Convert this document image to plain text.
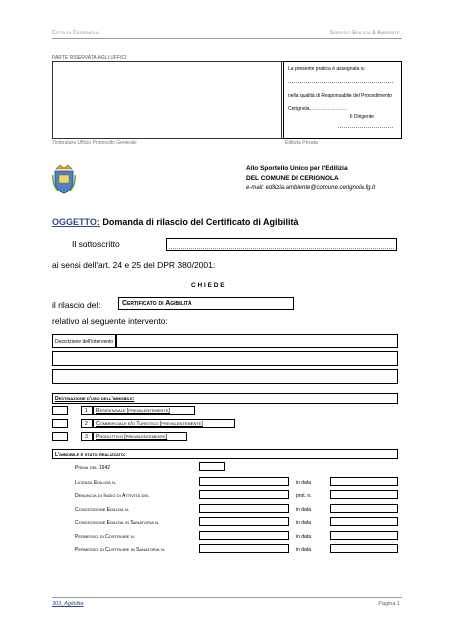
Città di Cerignola	Servizio Edilizia & Ambiente
PARTE RISERVATA AGLI UFFICI
La presente pratica è assegnata a:
nella qualità di Responsabile del Procedimento
Cerignola, …………………
Il Dirigente
Timbratura Ufficio Protocollo Generale	Edilizia Privata
Allo Sportello Unico per l'Edilizia
DEL COMUNE DI CERIGNOLA
e-mail: edilizia.ambiente@comune.cerignola.fg.it
OGGETTO: Domanda di rilascio del Certificato di Agibilità
Il sottoscritto
ai sensi dell'art. 24 e 25 del DPR 380/2001:
C H I E D E
il rilascio del:	Certificato di Agibilità
relativo al seguente intervento:
Descrizione dell'intervento
Destinazione d'uso dell'immobile:
1 Residenziale [prevalentemente]
2 Commerciale e/o Turistico [prevalentemente]
3 Produttivo [prevalentemente]
L'immobile è stato realizzato:
Prima del 1942
Licenza Edilizia n.	in data
Denuncia di Inizio di Attività del	prot. n.
Concessione Edilizia n.	in data
Concessione Edilizia in Sanatoria n.	in data
Permesso di Costruire n.	in data
Permesso di Costruire in Sanatoria n.	in data
303_Agibilita	Pagina 1
